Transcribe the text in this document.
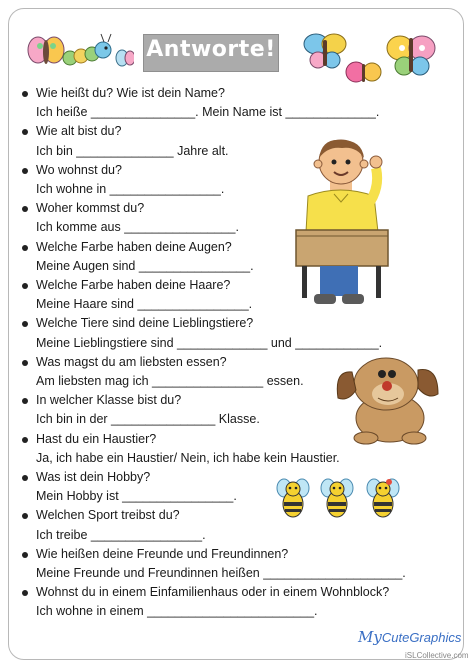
Antworte!
Wie heißt du? Wie ist dein Name?
Ich heiße _______________. Mein Name ist _____________.
Wie alt bist du?
Ich bin ______________ Jahre alt.
Wo wohnst du?
Ich wohne in ________________.
Woher kommst du?
Ich komme aus ________________.
Welche Farbe haben deine Augen?
Meine Augen sind ________________.
Welche Farbe haben deine Haare?
Meine Haare sind ________________.
Welche Tiere sind deine Lieblingstiere?
Meine Lieblingstiere sind _____________ und ____________.
Was magst du am liebsten essen?
Am liebsten mag ich ________________ essen.
In welcher Klasse bist du?
Ich bin in der _______________ Klasse.
Hast du ein Haustier?
Ja, ich habe ein Haustier/ Nein, ich habe kein Haustier.
Was ist dein Hobby?
Mein Hobby ist ________________.
Welchen Sport treibst du?
Ich treibe ________________.
Wie heißen deine Freunde und Freundinnen?
Meine Freunde und Freundinnen heißen ____________________.
Wohnst du in einem Einfamilienhaus oder in einem Wohnblock?
Ich wohne in einem ________________________.
MyCuteGraphics
iSLCollective.com
